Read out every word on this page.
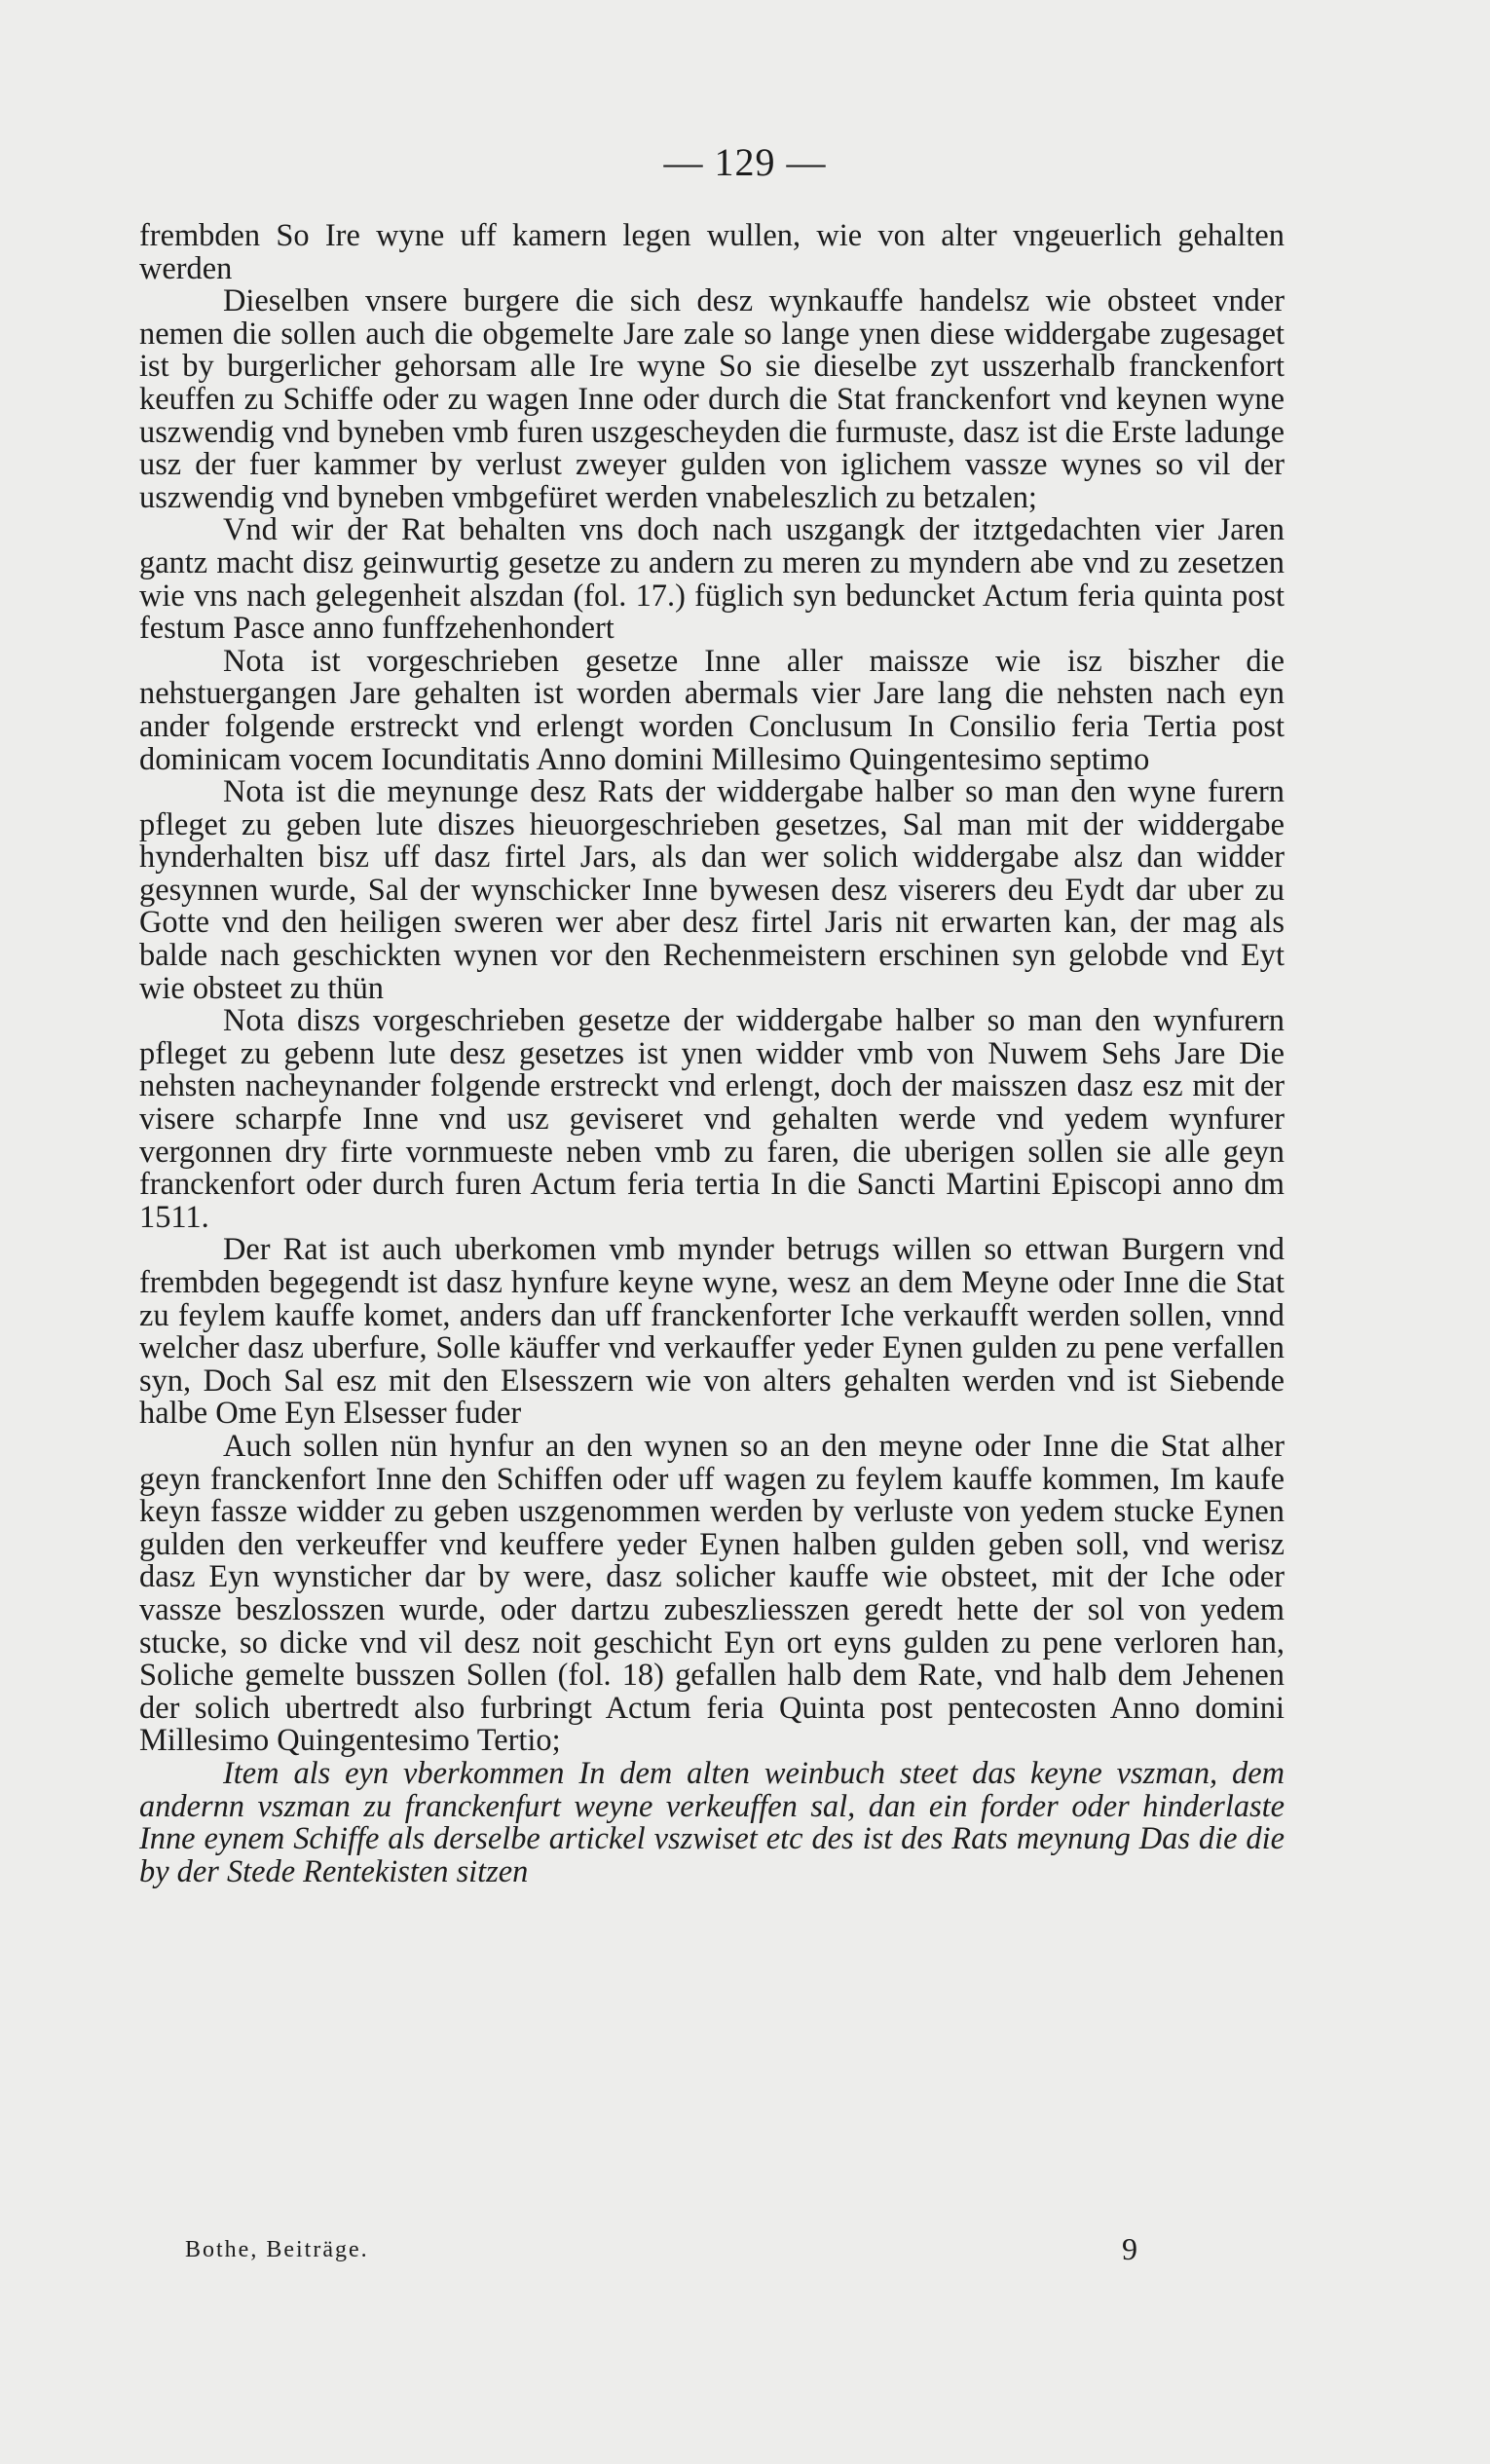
— 129 —

frembden So Ire wyne uff kamern legen wullen, wie von alter vngeuerlich gehalten werden

Dieselben vnsere burgere die sich desz wynkauffe handelsz wie obsteet vnder nemen die sollen auch die obgemelte Jare zale so lange ynen diese widdergabe zugesaget ist by burgerlicher gehorsam alle Ire wyne So sie dieselbe zyt usszerhalb franckenfort keuffen zu Schiffe oder zu wagen Inne oder durch die Stat franckenfort vnd keynen wyne uszwendig vnd byneben vmb furen uszgescheyden die furmuste, dasz ist die Erste ladunge usz der fuer kammer by verlust zweyer gulden von iglichem vassze wynes so vil der uszwendig vnd byneben vmbgefüret werden vnabeleszlich zu betzalen;

Vnd wir der Rat behalten vns doch nach uszgangk der itztgedachten vier Jaren gantz macht disz geinwurtig gesetze zu andern zu meren zu myndern abe vnd zu zesetzen wie vns nach gelegenheit alszdan (fol. 17.) füglich syn beduncket Actum feria quinta post festum Pasce anno funffzehenhondert

Nota ist vorgeschrieben gesetze Inne aller maissze wie isz biszher die nehstuergangen Jare gehalten ist worden abermals vier Jare lang die nehsten nach eyn ander folgende erstreckt vnd erlengt worden Conclusum In Consilio feria Tertia post dominicam vocem Iocunditatis Anno domini Millesimo Quingentesimo septimo

Nota ist die meynunge desz Rats der widdergabe halber so man den wyne furern pfleget zu geben lute diszes hieuorgeschrieben gesetzes, Sal man mit der widdergabe hynderhalten bisz uff dasz firtel Jars, als dan wer solich widdergabe alsz dan widder gesynnen wurde, Sal der wynschicker Inne bywesen desz viserers deu Eydt dar uber zu Gotte vnd den heiligen sweren wer aber desz firtel Jaris nit erwarten kan, der mag als balde nach geschickten wynen vor den Rechenmeistern erschinen syn gelobde vnd Eyt wie obsteet zu thün

Nota diszs vorgeschrieben gesetze der widdergabe halber so man den wynfurern pfleget zu gebenn lute desz gesetzes ist ynen widder vmb von Nuwem Sehs Jare Die nehsten nacheynander folgende erstreckt vnd erlengt, doch der maisszen dasz esz mit der visere scharpfe Inne vnd usz geviseret vnd gehalten werde vnd yedem wynfurer vergonnen dry firte vornmueste neben vmb zu faren, die uberigen sollen sie alle geyn franckenfort oder durch furen Actum feria tertia In die Sancti Martini Episcopi anno dm 1511.

Der Rat ist auch uberkomen vmb mynder betrugs willen so ettwan Burgern vnd frembden begegendt ist dasz hynfure keyne wyne, wesz an dem Meyne oder Inne die Stat zu feylem kauffe komet, anders dan uff franckenforter Iche verkaufft werden sollen, vnnd welcher dasz uberfure, Solle käuffer vnd verkauffer yeder Eynen gulden zu pene verfallen syn, Doch Sal esz mit den Elsesszern wie von alters gehalten werden vnd ist Siebende halbe Ome Eyn Elsesser fuder

Auch sollen nün hynfur an den wynen so an den meyne oder Inne die Stat alher geyn franckenfort Inne den Schiffen oder uff wagen zu feylem kauffe kommen, Im kaufe keyn fassze widder zu geben uszgenommen werden by verluste von yedem stucke Eynen gulden den verkeuffer vnd keuffere yeder Eynen halben gulden geben soll, vnd werisz dasz Eyn wynsticher dar by were, dasz solicher kauffe wie obsteet, mit der Iche oder vassze beszlosszen wurde, oder dartzu zubeszliesszen geredt hette der sol von yedem stucke, so dicke vnd vil desz noit geschicht Eyn ort eyns gulden zu pene verloren han, Soliche gemelte busszen Sollen (fol. 18) gefallen halb dem Rate, vnd halb dem Jehenen der solich ubertredt also furbringt Actum feria Quinta post pentecosten Anno domini Millesimo Quingentesimo Tertio;

Item als eyn vberkommen In dem alten weinbuch steet das keyne vszman, dem andernn vszman zu franckenfurt weyne verkeuffen sal, dan ein forder oder hinderlaste Inne eynem Schiffe als derselbe artickel vszwiset etc des ist des Rats meynung Das die die by der Stede Rentekisten sitzen

Bothe, Beiträge.	9
